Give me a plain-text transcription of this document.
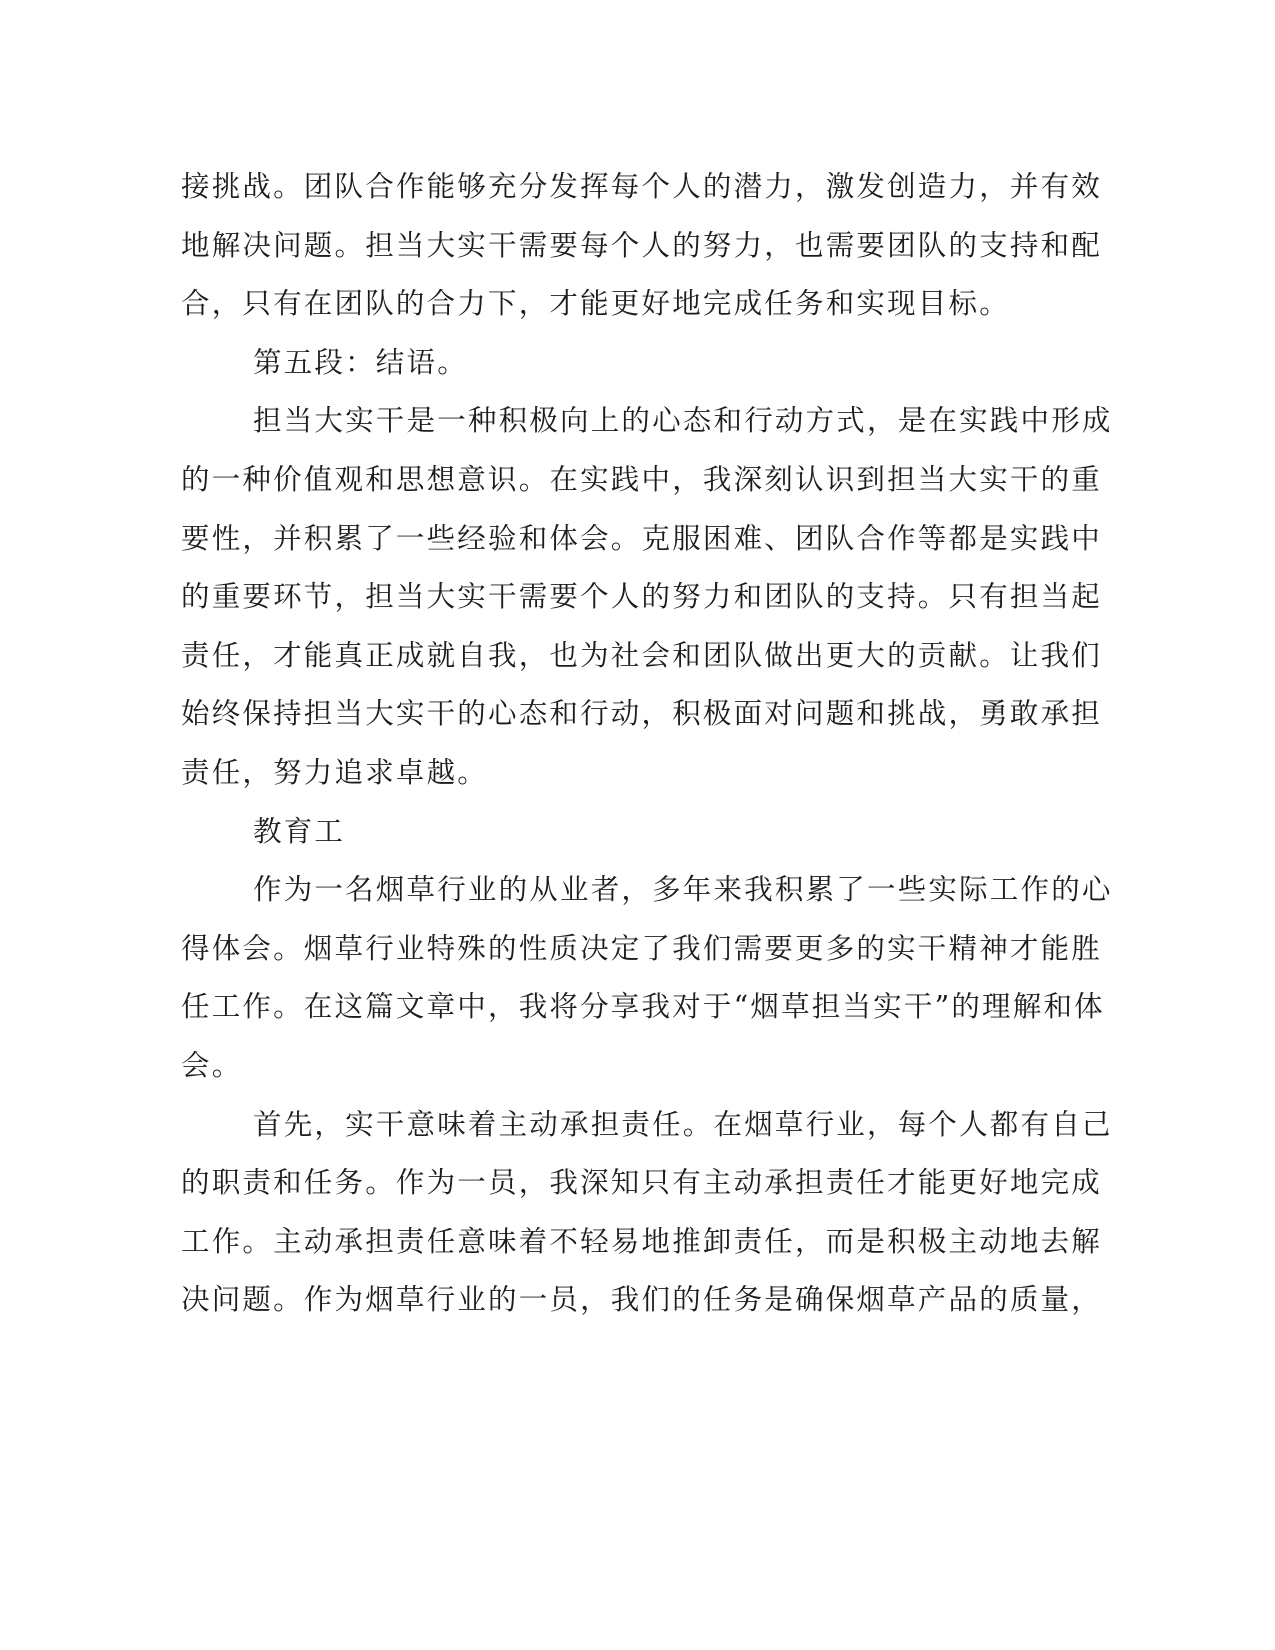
接挑战。团队合作能够充分发挥每个人的潜力，激发创造力，并有效
地解决问题。担当大实干需要每个人的努力，也需要团队的支持和配
合，只有在团队的合力下，才能更好地完成任务和实现目标。

第五段：结语。

担当大实干是一种积极向上的心态和行动方式，是在实践中形成
的一种价值观和思想意识。在实践中，我深刻认识到担当大实干的重
要性，并积累了一些经验和体会。克服困难、团队合作等都是实践中
的重要环节，担当大实干需要个人的努力和团队的支持。只有担当起
责任，才能真正成就自我，也为社会和团队做出更大的贡献。让我们
始终保持担当大实干的心态和行动，积极面对问题和挑战，勇敢承担
责任，努力追求卓越。

教育工

作为一名烟草行业的从业者，多年来我积累了一些实际工作的心
得体会。烟草行业特殊的性质决定了我们需要更多的实干精神才能胜
任工作。在这篇文章中，我将分享我对于“烟草担当实干”的理解和体
会。

首先，实干意味着主动承担责任。在烟草行业，每个人都有自己
的职责和任务。作为一员，我深知只有主动承担责任才能更好地完成
工作。主动承担责任意味着不轻易地推卸责任，而是积极主动地去解
决问题。作为烟草行业的一员，我们的任务是确保烟草产品的质量，
